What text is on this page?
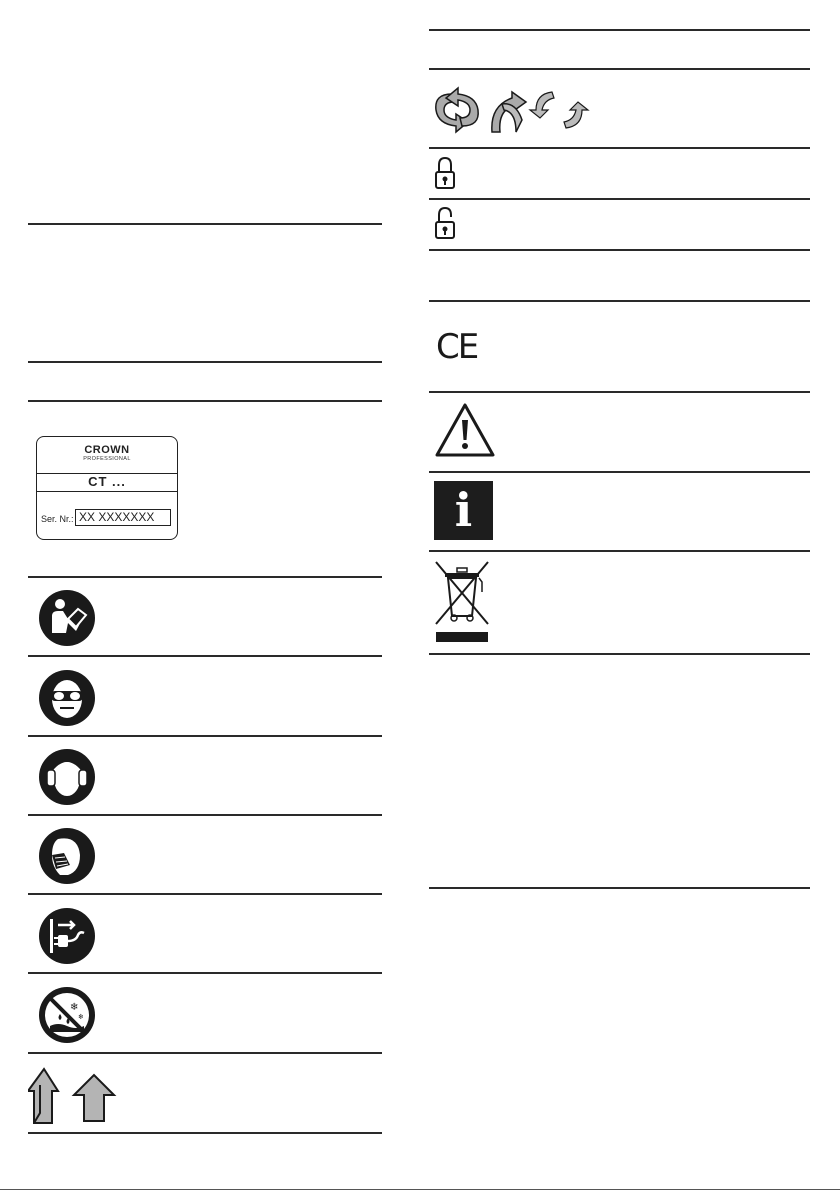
CROWN
PROFESSIONAL
CT ...
Ser. Nr.: XX XXXXXXX
❄
❄
CE
i
